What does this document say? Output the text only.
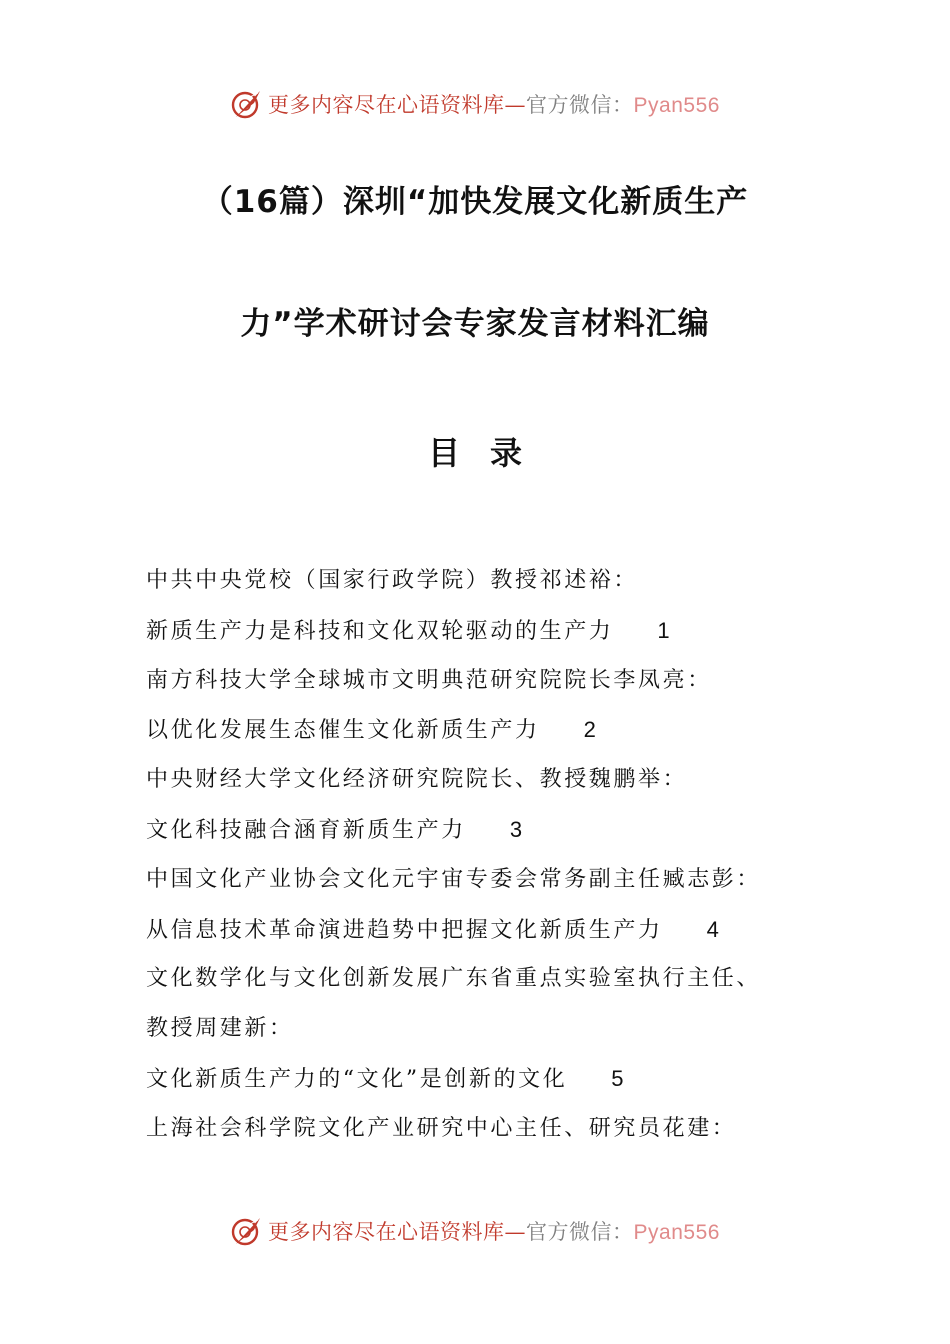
更多内容尽在心语资料库—官方微信：Pyan556
（16篇）深圳“加快发展文化新质生产
力”学术研讨会专家发言材料汇编
目录
中共中央党校（国家行政学院）教授祁述裕：
新质生产力是科技和文化双轮驱动的生产力 1
南方科技大学全球城市文明典范研究院院长李凤亮：
以优化发展生态催生文化新质生产力 2
中央财经大学文化经济研究院院长、教授魏鹏举：
文化科技融合涵育新质生产力 3
中国文化产业协会文化元宇宙专委会常务副主任臧志彭：
从信息技术革命演进趋势中把握文化新质生产力 4
文化数学化与文化创新发展广东省重点实验室执行主任、
教授周建新：
文化新质生产力的“文化”是创新的文化 5
上海社会科学院文化产业研究中心主任、研究员花建：
更多内容尽在心语资料库—官方微信：Pyan556
